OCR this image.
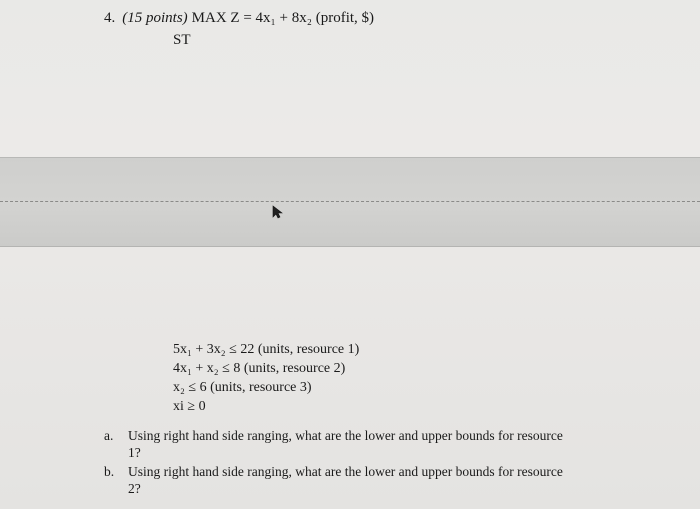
4. (15 points) MAX Z = 4x₁ + 8x₂ (profit, $)
ST
5x₁ + 3x₂ ≤ 22 (units, resource 1)
4x₁ + x₂ ≤ 8 (units, resource 2)
x₂ ≤ 6 (units, resource 3)
xi ≥ 0
a.	Using right hand side ranging, what are the lower and upper bounds for resource
1?
b.	Using right hand side ranging, what are the lower and upper bounds for resource
2?
